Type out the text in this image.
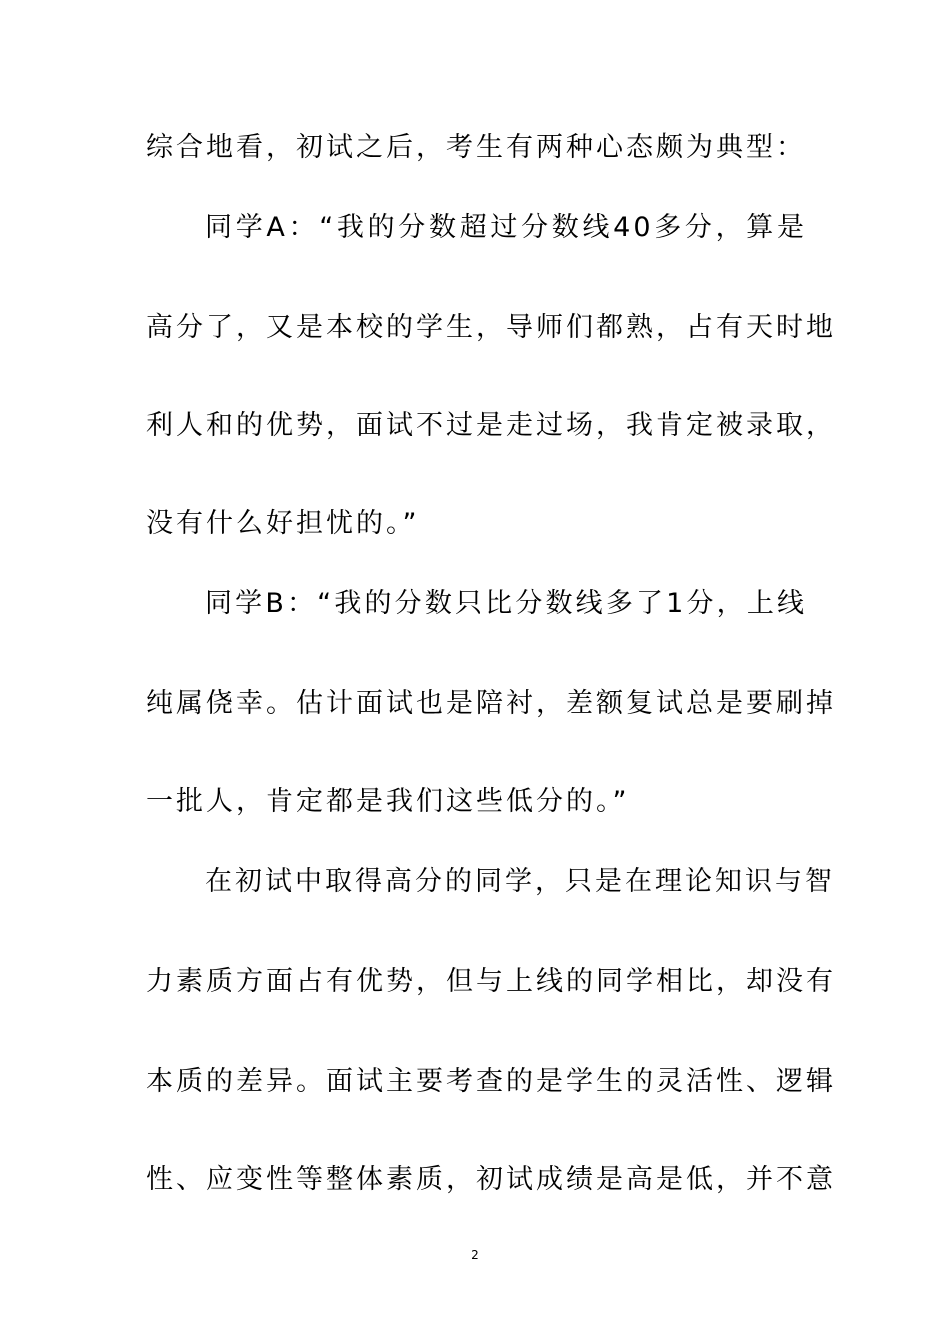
综合地看，初试之后，考生有两种心态颇为典型：
同学A：“我的分数超过分数线40多分，算是
高分了，又是本校的学生，导师们都熟，占有天时地
利人和的优势，面试不过是走过场，我肯定被录取，
没有什么好担忧的。”
同学B：“我的分数只比分数线多了1分，上线
纯属侥幸。估计面试也是陪衬，差额复试总是要刷掉
一批人，肯定都是我们这些低分的。”
在初试中取得高分的同学，只是在理论知识与智
力素质方面占有优势，但与上线的同学相比，却没有
本质的差异。面试主要考查的是学生的灵活性、逻辑
性、应变性等整体素质，初试成绩是高是低，并不意
2
